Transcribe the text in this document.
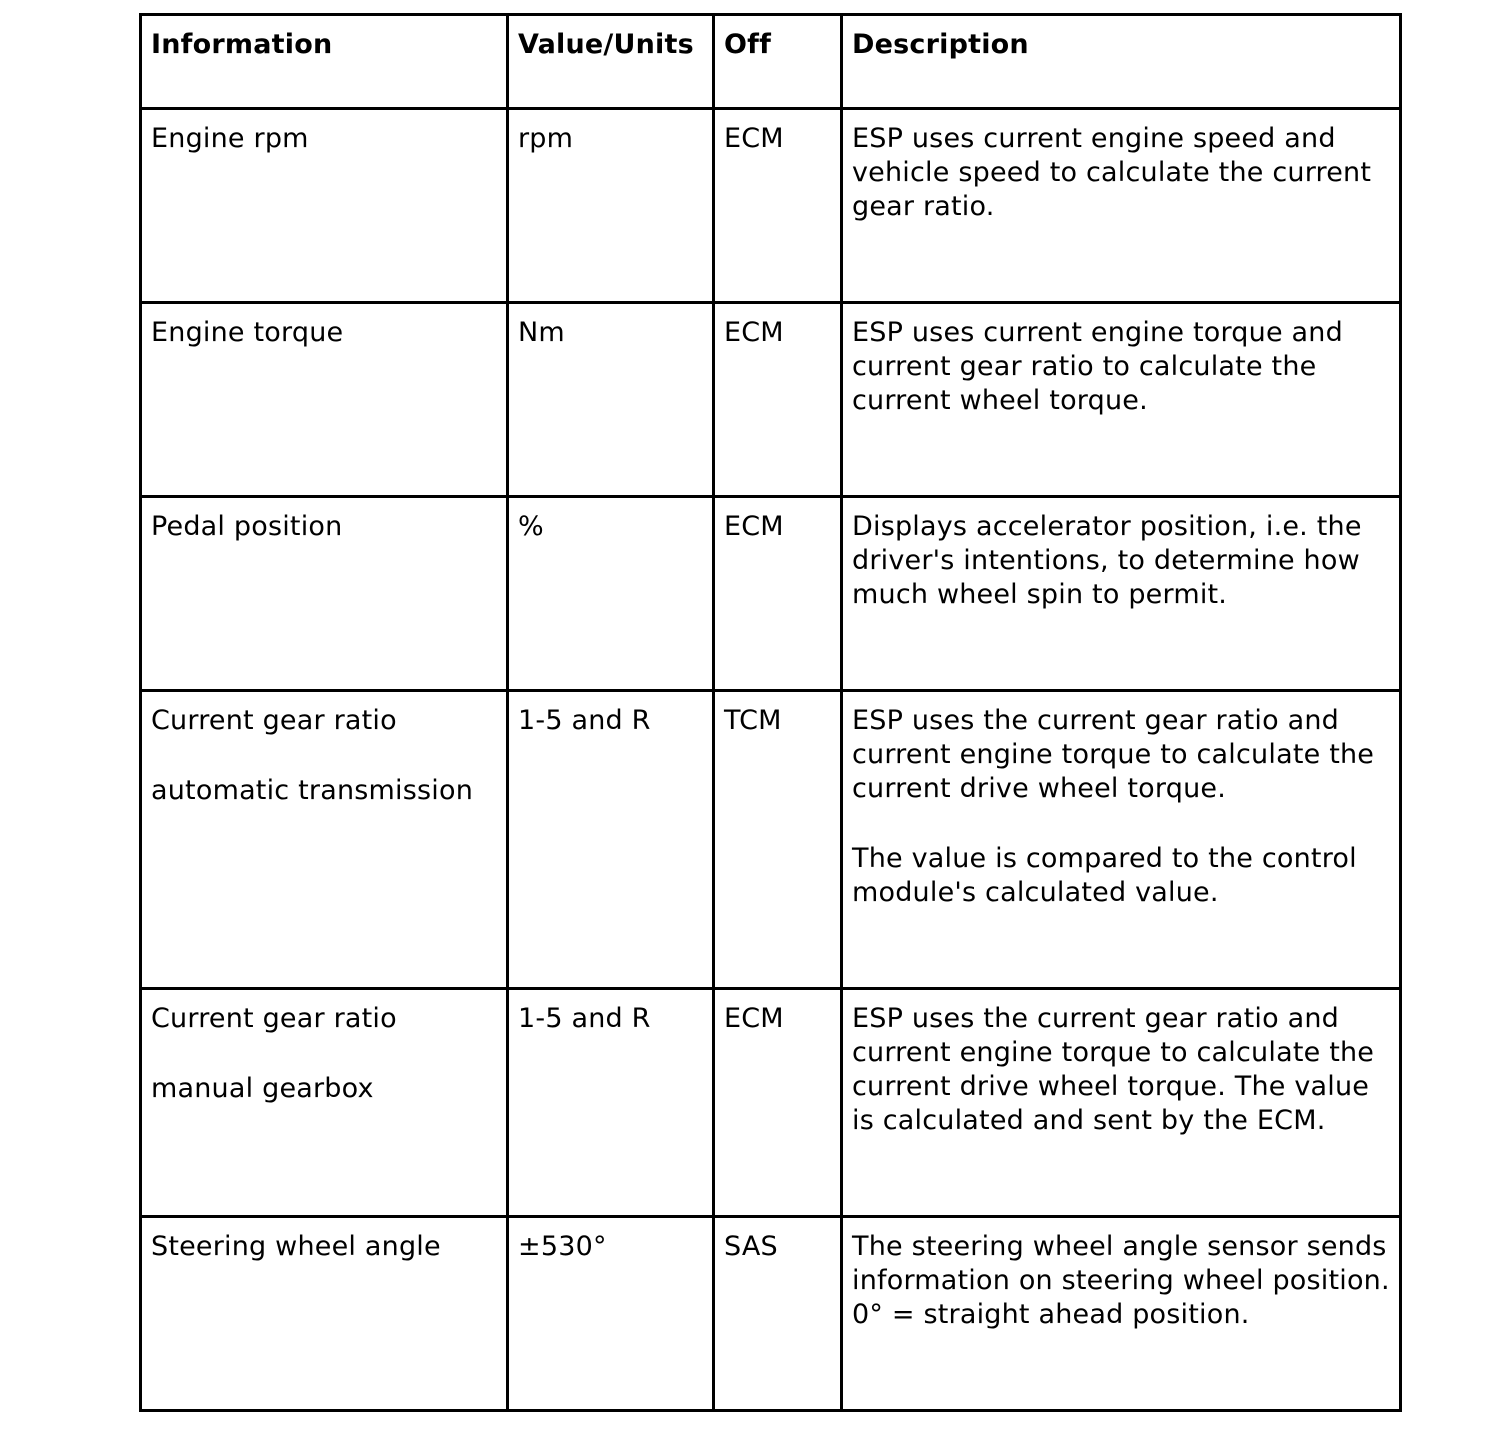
Information	Value/Units	Off	Description

Engine rpm	rpm	ECM	ESP uses current engine speed and vehicle speed to calculate the current gear ratio.

Engine torque	Nm	ECM	ESP uses current engine torque and current gear ratio to calculate the current wheel torque.

Pedal position	%	ECM	Displays accelerator position, i.e. the driver's intentions, to determine how much wheel spin to permit.

Current gear ratio
automatic transmission	1-5 and R	TCM	ESP uses the current gear ratio and current engine torque to calculate the current drive wheel torque.
The value is compared to the control module's calculated value.

Current gear ratio
manual gearbox	1-5 and R	ECM	ESP uses the current gear ratio and current engine torque to calculate the current drive wheel torque. The value is calculated and sent by the ECM.

Steering wheel angle	±530°	SAS	The steering wheel angle sensor sends information on steering wheel position. 0° = straight ahead position.
